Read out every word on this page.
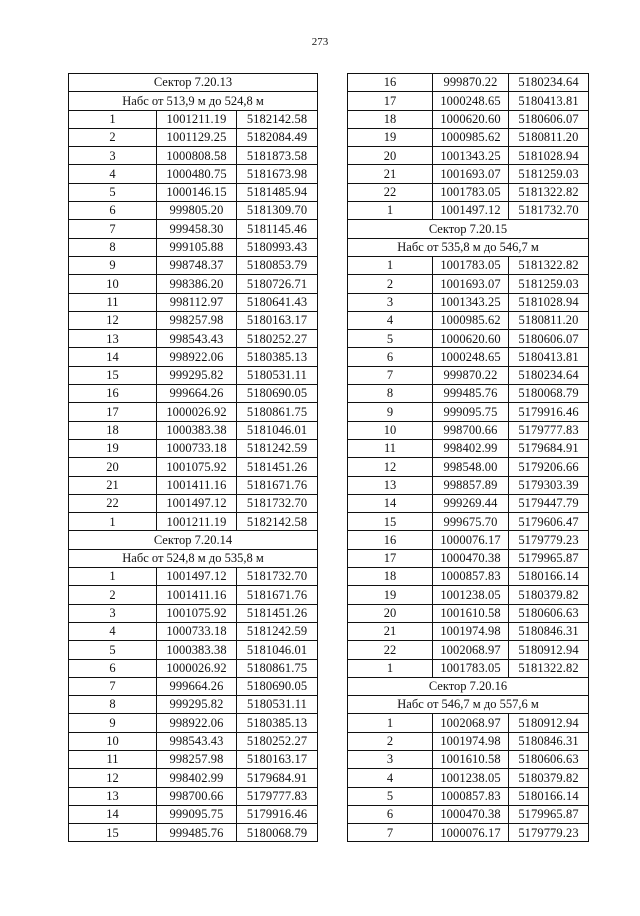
273
Сектор 7.20.13		
Набс от 513,9 м до 524,8 м		
1	1001211.19	5182142.58
2	1001129.25	5182084.49
3	1000808.58	5181873.58
4	1000480.75	5181673.98
5	1000146.15	5181485.94
6	999805.20	5181309.70
7	999458.30	5181145.46
8	999105.88	5180993.43
9	998748.37	5180853.79
10	998386.20	5180726.71
11	998112.97	5180641.43
12	998257.98	5180163.17
13	998543.43	5180252.27
14	998922.06	5180385.13
15	999295.82	5180531.11
16	999664.26	5180690.05
17	1000026.92	5180861.75
18	1000383.38	5181046.01
19	1000733.18	5181242.59
20	1001075.92	5181451.26
21	1001411.16	5181671.76
22	1001497.12	5181732.70
1	1001211.19	5182142.58
Сектор 7.20.14		
Набс от 524,8 м до 535,8 м		
1	1001497.12	5181732.70
2	1001411.16	5181671.76
3	1001075.92	5181451.26
4	1000733.18	5181242.59
5	1000383.38	5181046.01
6	1000026.92	5180861.75
7	999664.26	5180690.05
8	999295.82	5180531.11
9	998922.06	5180385.13
10	998543.43	5180252.27
11	998257.98	5180163.17
12	998402.99	5179684.91
13	998700.66	5179777.83
14	999095.75	5179916.46
15	999485.76	5180068.79
16	999870.22	5180234.64
17	1000248.65	5180413.81
18	1000620.60	5180606.07
19	1000985.62	5180811.20
20	1001343.25	5181028.94
21	1001693.07	5181259.03
22	1001783.05	5181322.82
1	1001497.12	5181732.70
Сектор 7.20.15		
Набс от 535,8 м до 546,7 м		
1	1001783.05	5181322.82
2	1001693.07	5181259.03
3	1001343.25	5181028.94
4	1000985.62	5180811.20
5	1000620.60	5180606.07
6	1000248.65	5180413.81
7	999870.22	5180234.64
8	999485.76	5180068.79
9	999095.75	5179916.46
10	998700.66	5179777.83
11	998402.99	5179684.91
12	998548.00	5179206.66
13	998857.89	5179303.39
14	999269.44	5179447.79
15	999675.70	5179606.47
16	1000076.17	5179779.23
17	1000470.38	5179965.87
18	1000857.83	5180166.14
19	1001238.05	5180379.82
20	1001610.58	5180606.63
21	1001974.98	5180846.31
22	1002068.97	5180912.94
1	1001783.05	5181322.82
Сектор 7.20.16		
Набс от 546,7 м до 557,6 м		
1	1002068.97	5180912.94
2	1001974.98	5180846.31
3	1001610.58	5180606.63
4	1001238.05	5180379.82
5	1000857.83	5180166.14
6	1000470.38	5179965.87
7	1000076.17	5179779.23
